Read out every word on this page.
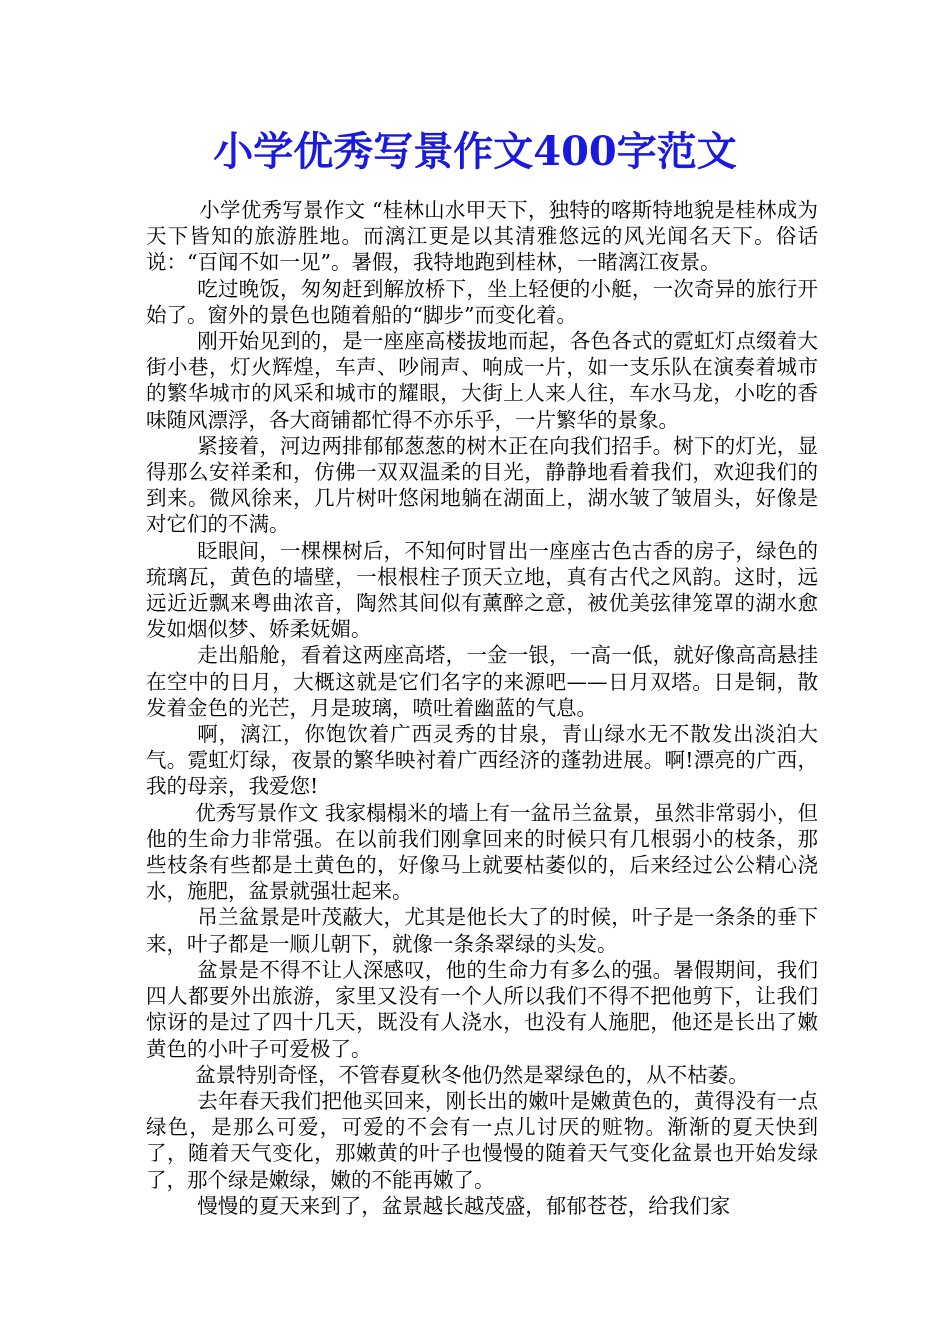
小学优秀写景作文400字范文

小学优秀写景作文 “桂林山水甲天下，独特的喀斯特地貌是桂林成为天下皆知的旅游胜地。而漓江更是以其清雅悠远的风光闻名天下。俗话说：“百闻不如一见”。暑假，我特地跑到桂林，一睹漓江夜景。

吃过晚饭，匆匆赶到解放桥下，坐上轻便的小艇，一次奇异的旅行开始了。窗外的景色也随着船的“脚步”而变化着。

刚开始见到的，是一座座高楼拔地而起，各色各式的霓虹灯点缀着大街小巷，灯火辉煌，车声、吵闹声、响成一片，如一支乐队在演奏着城市的繁华城市的风采和城市的耀眼，大街上人来人往，车水马龙，小吃的香味随风漂浮，各大商铺都忙得不亦乐乎，一片繁华的景象。

紧接着，河边两排郁郁葱葱的树木正在向我们招手。树下的灯光，显得那么安祥柔和，仿佛一双双温柔的目光，静静地看着我们，欢迎我们的到来。微风徐来，几片树叶悠闲地躺在湖面上，湖水皱了皱眉头，好像是对它们的不满。

眨眼间，一棵棵树后，不知何时冒出一座座古色古香的房子，绿色的琉璃瓦，黄色的墙壁，一根根柱子顶天立地，真有古代之风韵。这时，远远近近飘来粤曲浓音，陶然其间似有薰醉之意，被优美弦律笼罩的湖水愈发如烟似梦、娇柔妩媚。

走出船舱，看着这两座高塔，一金一银，一高一低，就好像高高悬挂在空中的日月，大概这就是它们名字的来源吧——日月双塔。日是铜，散发着金色的光芒，月是玻璃，喷吐着幽蓝的气息。

啊，漓江，你饱饮着广西灵秀的甘泉，青山绿水无不散发出淡泊大气。霓虹灯绿，夜景的繁华映衬着广西经济的蓬勃进展。啊!漂亮的广西，我的母亲，我爱您!

优秀写景作文 我家榻榻米的墙上有一盆吊兰盆景，虽然非常弱小，但他的生命力非常强。在以前我们刚拿回来的时候只有几根弱小的枝条，那些枝条有些都是土黄色的，好像马上就要枯萎似的，后来经过公公精心浇水，施肥，盆景就强壮起来。

吊兰盆景是叶茂蔽大，尤其是他长大了的时候，叶子是一条条的垂下来，叶子都是一顺儿朝下，就像一条条翠绿的头发。

盆景是不得不让人深感叹，他的生命力有多么的强。暑假期间，我们四人都要外出旅游，家里又没有一个人所以我们不得不把他剪下，让我们惊讶的是过了四十几天，既没有人浇水，也没有人施肥，他还是长出了嫩黄色的小叶子可爱极了。

盆景特别奇怪，不管春夏秋冬他仍然是翠绿色的，从不枯萎。

去年春天我们把他买回来，刚长出的嫩叶是嫩黄色的，黄得没有一点绿色，是那么可爱，可爱的不会有一点儿讨厌的赃物。渐渐的夏天快到了，随着天气变化，那嫩黄的叶子也慢慢的随着天气变化盆景也开始发绿了，那个绿是嫩绿，嫩的不能再嫩了。

慢慢的夏天来到了，盆景越长越茂盛，郁郁苍苍，给我们家
